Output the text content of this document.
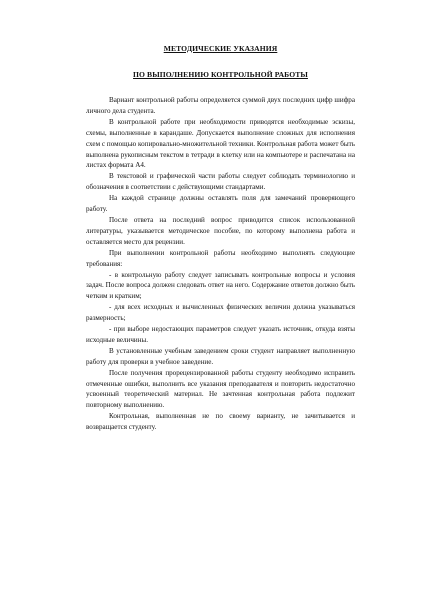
МЕТОДИЧЕСКИЕ УКАЗАНИЯ

ПО ВЫПОЛНЕНИЮ КОНТРОЛЬНОЙ РАБОТЫ

Вариант контрольной работы определяется суммой двух последних цифр шифра личного дела студента.

В контрольной работе при необходимости приводятся необходимые эскизы, схемы, выполненные в карандаше. Допускается выполнение сложных для исполнения схем с помощью копировально-множительной техники. Контрольная работа может быть выполнена рукописным текстом в тетради в клетку или на компьютере и распечатана на листах формата А4.

В текстовой и графической части работы следует соблюдать терминологию и обозначения в соответствии с действующими стандартами.

На каждой странице должны оставлять поля для замечаний проверяющего работу.

После ответа на последний вопрос приводится список использованной литературы, указывается методическое пособие, по которому выполнена работа и оставляется место для рецензии.

При выполнении контрольной работы необходимо выполнять следующие требования:

- в контрольную работу следует записывать контрольные вопросы и условия задач. После вопроса должен следовать ответ на него. Содержание ответов должно быть четким и кратким;

- для всех исходных и вычисленных физических величин должна указываться размерность;

- при выборе недостающих параметров следует указать источник, откуда взяты исходные величины.

В установленные учебным заведением сроки студент направляет выполненную работу для проверки в учебное заведение.

После получения прорецензированной работы студенту необходимо исправить отмеченные ошибки, выполнить все указания преподавателя и повторить недостаточно усвоенный теоретический материал. Не зачтенная контрольная работа подлежит повторному выполнению.

Контрольная, выполненная не по своему варианту, не зачитывается и возвращается студенту.
